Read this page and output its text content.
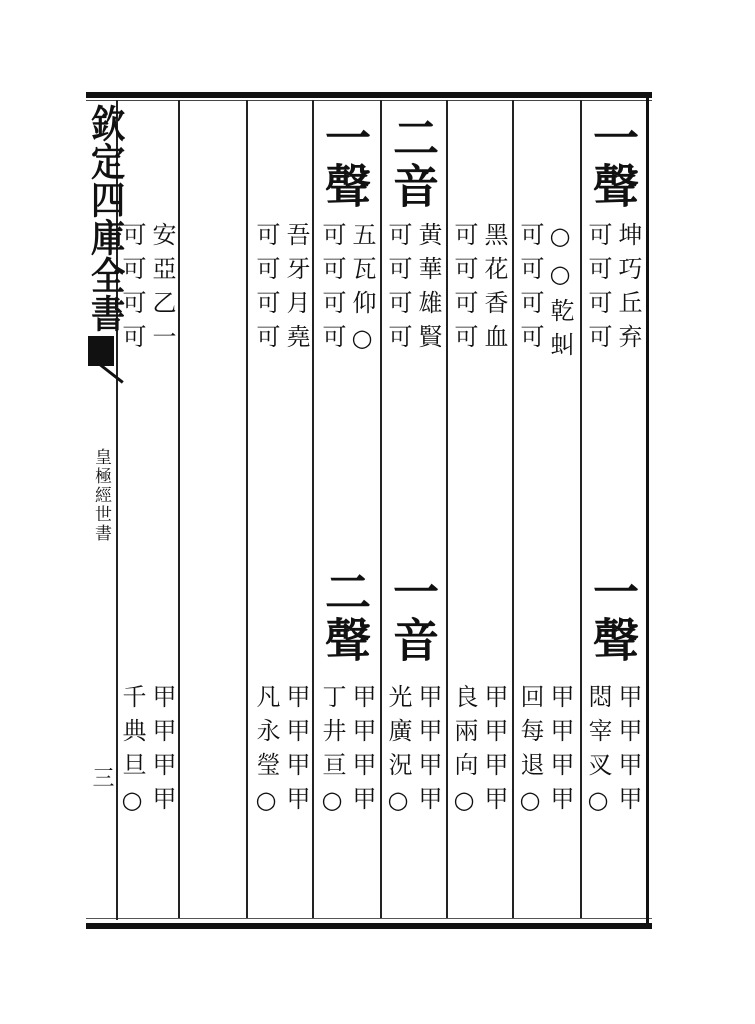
欽定四庫全書
皇極經世書
三
一聲
坤巧丘弃
可可可可
一聲
甲甲甲甲
悶宰㕚○
○○乾虯
可可可可
甲甲甲甲
回每退○
黑花香血
可可可可
甲甲甲甲
良兩向○
二音
黄華雄賢
可可可可
一音
甲甲甲甲
光廣況○
一聲
五瓦仰○
可可可可
二聲
甲甲甲甲
丁井亘○
吾牙月堯
可可可可
甲甲甲甲
凡永瑩○
安亞乙一
可可可可
甲甲甲甲
千典旦○
